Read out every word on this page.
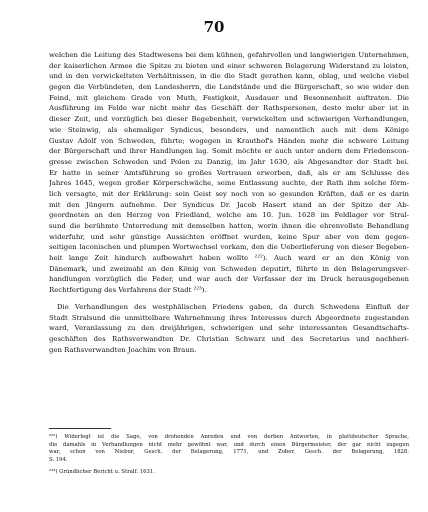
70
welchen die Leitung des Stadtwesens bei dem kühnen, gefahrvollen und langwierigen Unternehmen,
der kaiserlichen Armee die Spitze zu bieten und einer schweren Belagerung Widerstand zu leisten,
und in den verwickeltsten Verhältnissen, in die die Stadt gerathen kann, oblag, und welche viebel
gegen die Verbündeten, den Landesherrn, die Landstände und die Bürgerschaft, so wie wider den
Feind, mit gleichem Grade von Muth, Festigkeit, Ausdauer und Besonnenheit auftraten. Die
Ausführung im Felde war nicht mehr das Geschäft der Rathspersonen, desto mehr aber ist in
dieser Zeit, und vorzüglich bei dieser Begebenheit, verwickelten und schwierigen Verhandlungen,
wie Steinwig, als ehemaliger Syndicus, besonders, und namentlich auch mit dem Könige
Gustav Adolf von Schweden, führte; wogegen in Krauthof's Händen mehr die schwere Leitung
der Bürgerschaft und ihrer Handlungen lag. Somit möchte er auch unter andern dem Friedenscon-
gresse zwischen Schweden und Polen zu Danzig, im Jahr 1630, als Abgesandter der Stadt bei.
Er hatte in seiner Amtsführung so großes Vertrauen erworben, daß, als er am Schlusse des
Jahres 1645, wegen großer Körperschwäche, seine Entlassung suchte, der Rath ihm solche förm-
lich versagte, mit der Erklärung: sein Geist sey noch von so gesunden Kräften, daß er es darin
mit den Jüngern aufnehme. Der Syndicus Dr. Jacob Hasert stand an der Spitze der Ab-
geordneten an den Herzog von Friedland, welche am 10. Jun. 1628 im Feldlager vor Stral-
sund die berühmte Unterredung mit demselben hatten, worin ihnen die ehrenvollste Behandlung
widerfuhr, und sehr günstige Aussichten eröffnet wurden, keine Spur aber von dem gegen-
seitigen laconischen und plumpen Wortwechsel vorkam, den die Ueberlieferung von dieser Begeben-
heit lange Zeit hindurch aufbewahrt haben wollte ²²²). Auch ward er an den König von
Dänemark, und zweimahl an den König von Schweden deputirt, führte in den Belagerungsver-
handlungen vorzüglich die Feder, und war auch der Verfasser der im Druck herausgegebenen
Rechtfertigung des Verfahrens der Stadt ²²³).
Die Verhandlungen des westphälischen Friedens gaben, da durch Schwedens Einfluß der
Stadt Stralsund die unmittelbare Wahrnehmung ihres Interesses durch Abgeordnete zugestanden
ward, Veranlassung zu den dreijährigen, schwierigen und sehr interessanten Gesandtschafts-
geschäften des Rathsverwandten Dr. Christian Schwarz und des Secretarius und nachheri-
gen Rathsverwandten Joachim von Braun.
²²²) Widerlegt ist die Sage, von drohenden Anreden und von derben Antworten, in plattdeutscher Sprache,
die damahls in Verhandlungen nicht mehr gewöhnt war, und durch einen Bürgermeister, der gar nicht zugegen
war, schon von Niebur, Gesch. der Belagerung, 1771, und Zober, Gesch. der Belagerung, 1828.
S. 194.
²²³) Gründlicher Bericht u. Stralf. 1631.
